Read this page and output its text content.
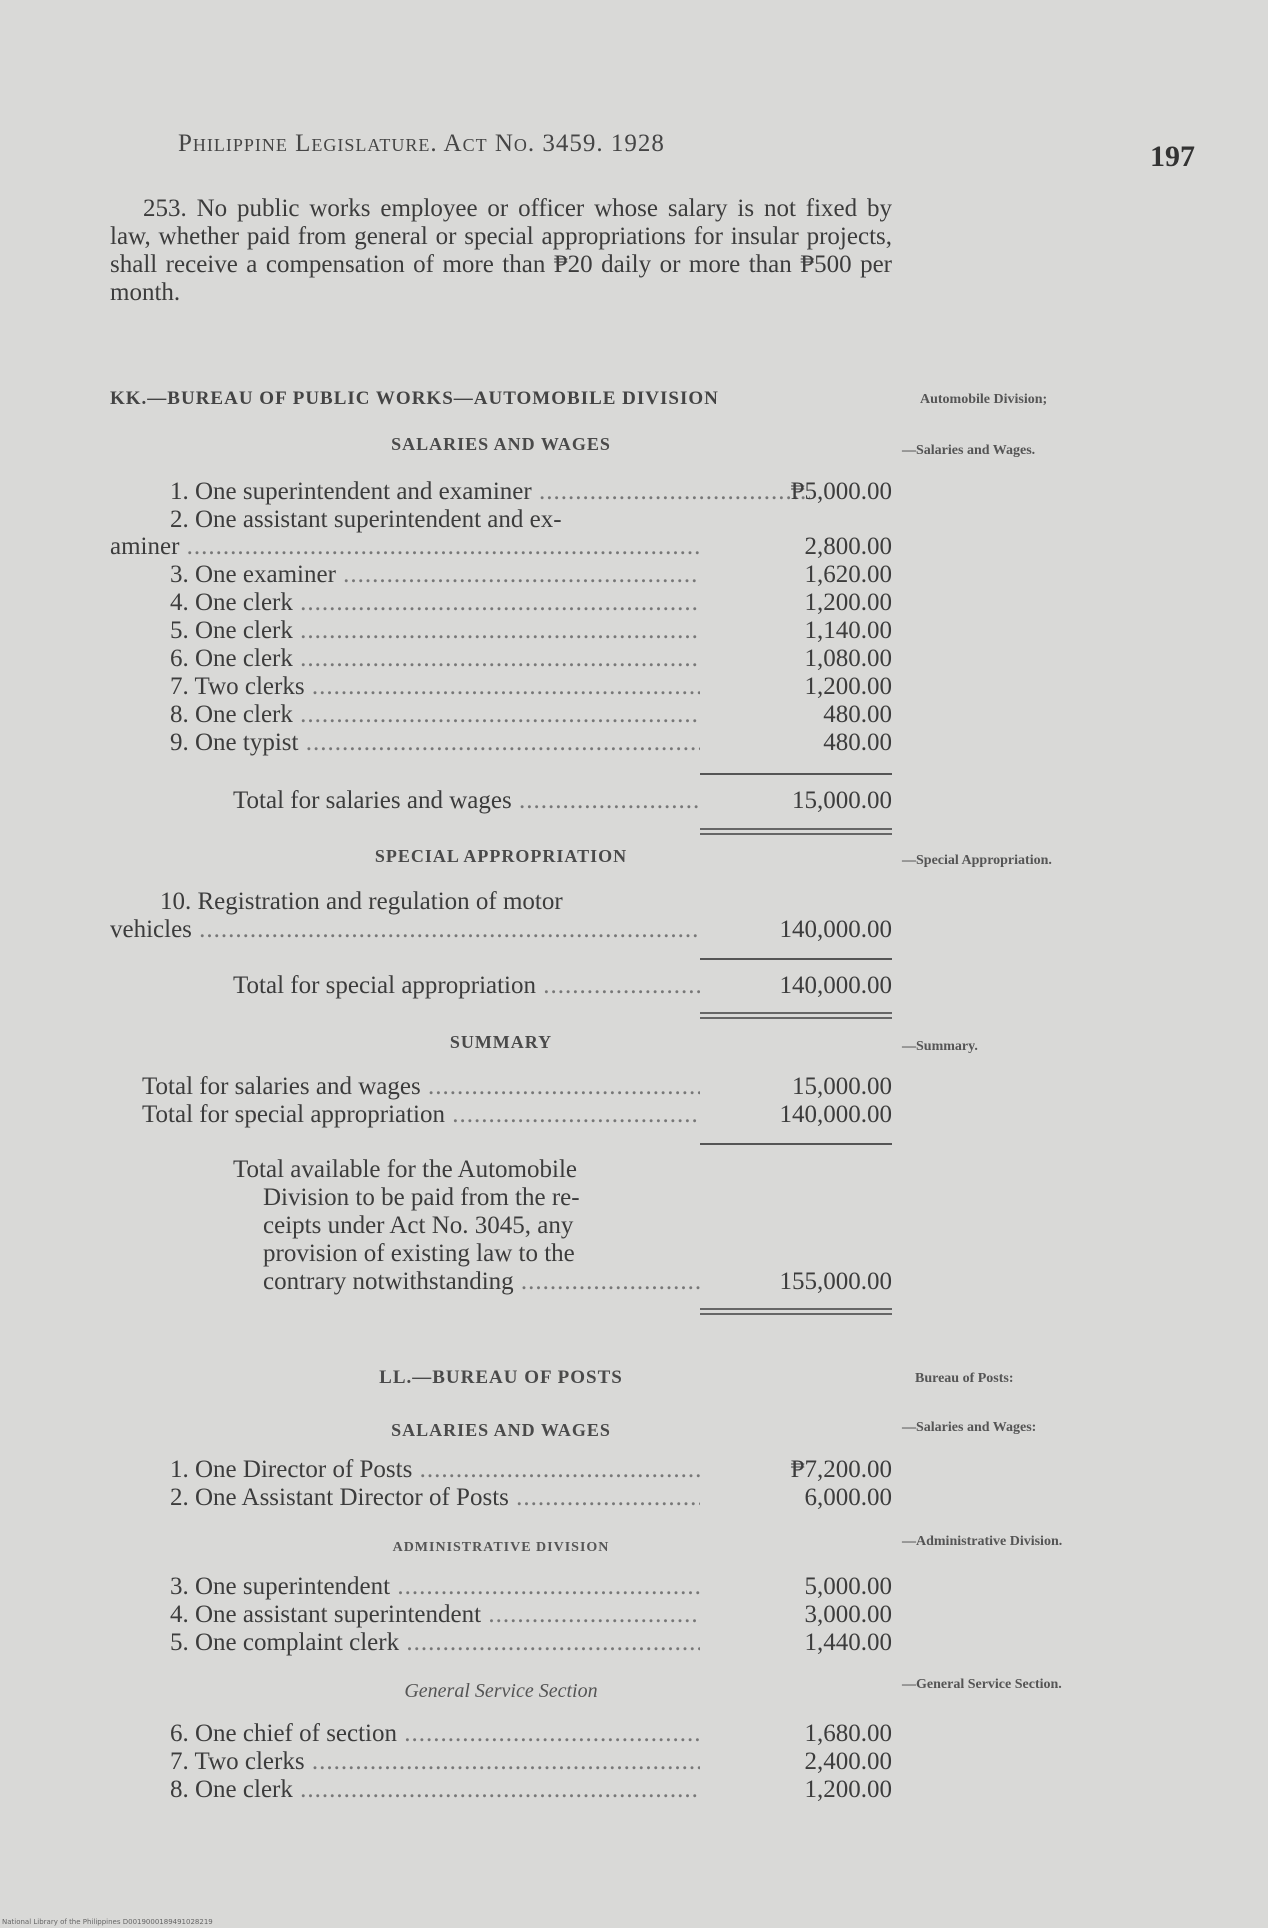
Philippine Legislature. Act No. 3459. 1928	197

253. No public works employee or officer whose salary is not fixed by law, whether paid from general or special appropriations for insular projects, shall receive a compensation of more than ₱20 daily or more than ₱500 per month.

KK.—BUREAU OF PUBLIC WORKS—AUTOMOBILE DIVISION	Automobile Division;
SALARIES AND WAGES	—Salaries and Wages.
1. One superintendent and examiner .....	₱5,000.00
2. One assistant superintendent and ex-
aminer .....	2,800.00
3. One examiner .....	1,620.00
4. One clerk .....	1,200.00
5. One clerk .....	1,140.00
6. One clerk .....	1,080.00
7. Two clerks .....	1,200.00
8. One clerk .....	480.00
9. One typist .....	480.00
Total for salaries and wages .....	15,000.00
SPECIAL APPROPRIATION	—Special Appropriation.
10. Registration and regulation of motor
vehicles .....	140,000.00
Total for special appropriation .....	140,000.00
SUMMARY	—Summary.
Total for salaries and wages .....	15,000.00
Total for special appropriation .....	140,000.00
Total available for the Automobile
Division to be paid from the re-
ceipts under Act No. 3045, any
provision of existing law to the
contrary notwithstanding .....	155,000.00
LL.—BUREAU OF POSTS	Bureau of Posts:
SALARIES AND WAGES	—Salaries and Wages:
1. One Director of Posts .....	₱7,200.00
2. One Assistant Director of Posts .....	6,000.00
ADMINISTRATIVE DIVISION	—Administrative Division.
3. One superintendent .....	5,000.00
4. One assistant superintendent .....	3,000.00
5. One complaint clerk .....	1,440.00
General Service Section	—General Service Section.
6. One chief of section .....	1,680.00
7. Two clerks .....	2,400.00
8. One clerk .....	1,200.00
National Library of the Philippines D0019000189491028219
